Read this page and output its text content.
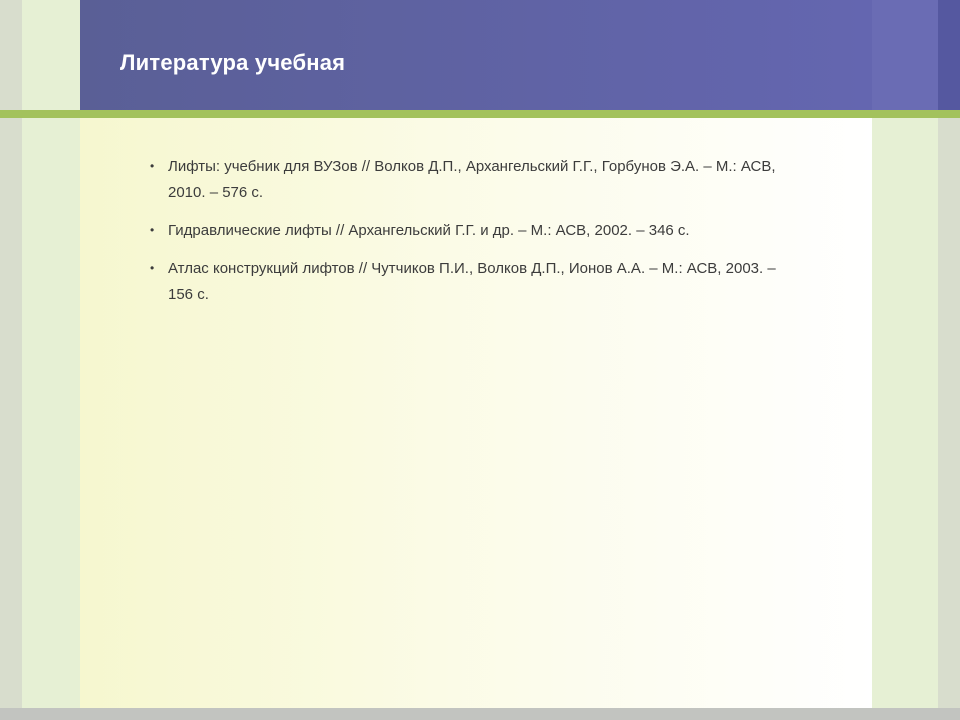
Литература учебная
• Лифты: учебник для ВУЗов // Волков Д.П., Архангельский Г.Г., Горбунов Э.А. – М.: АСВ, 2010. – 576 с.
• Гидравлические лифты // Архангельский Г.Г. и др. – М.: АСВ, 2002. – 346 с.
• Атлас конструкций лифтов // Чутчиков П.И., Волков Д.П., Ионов А.А. – М.: АСВ, 2003. – 156 с.
